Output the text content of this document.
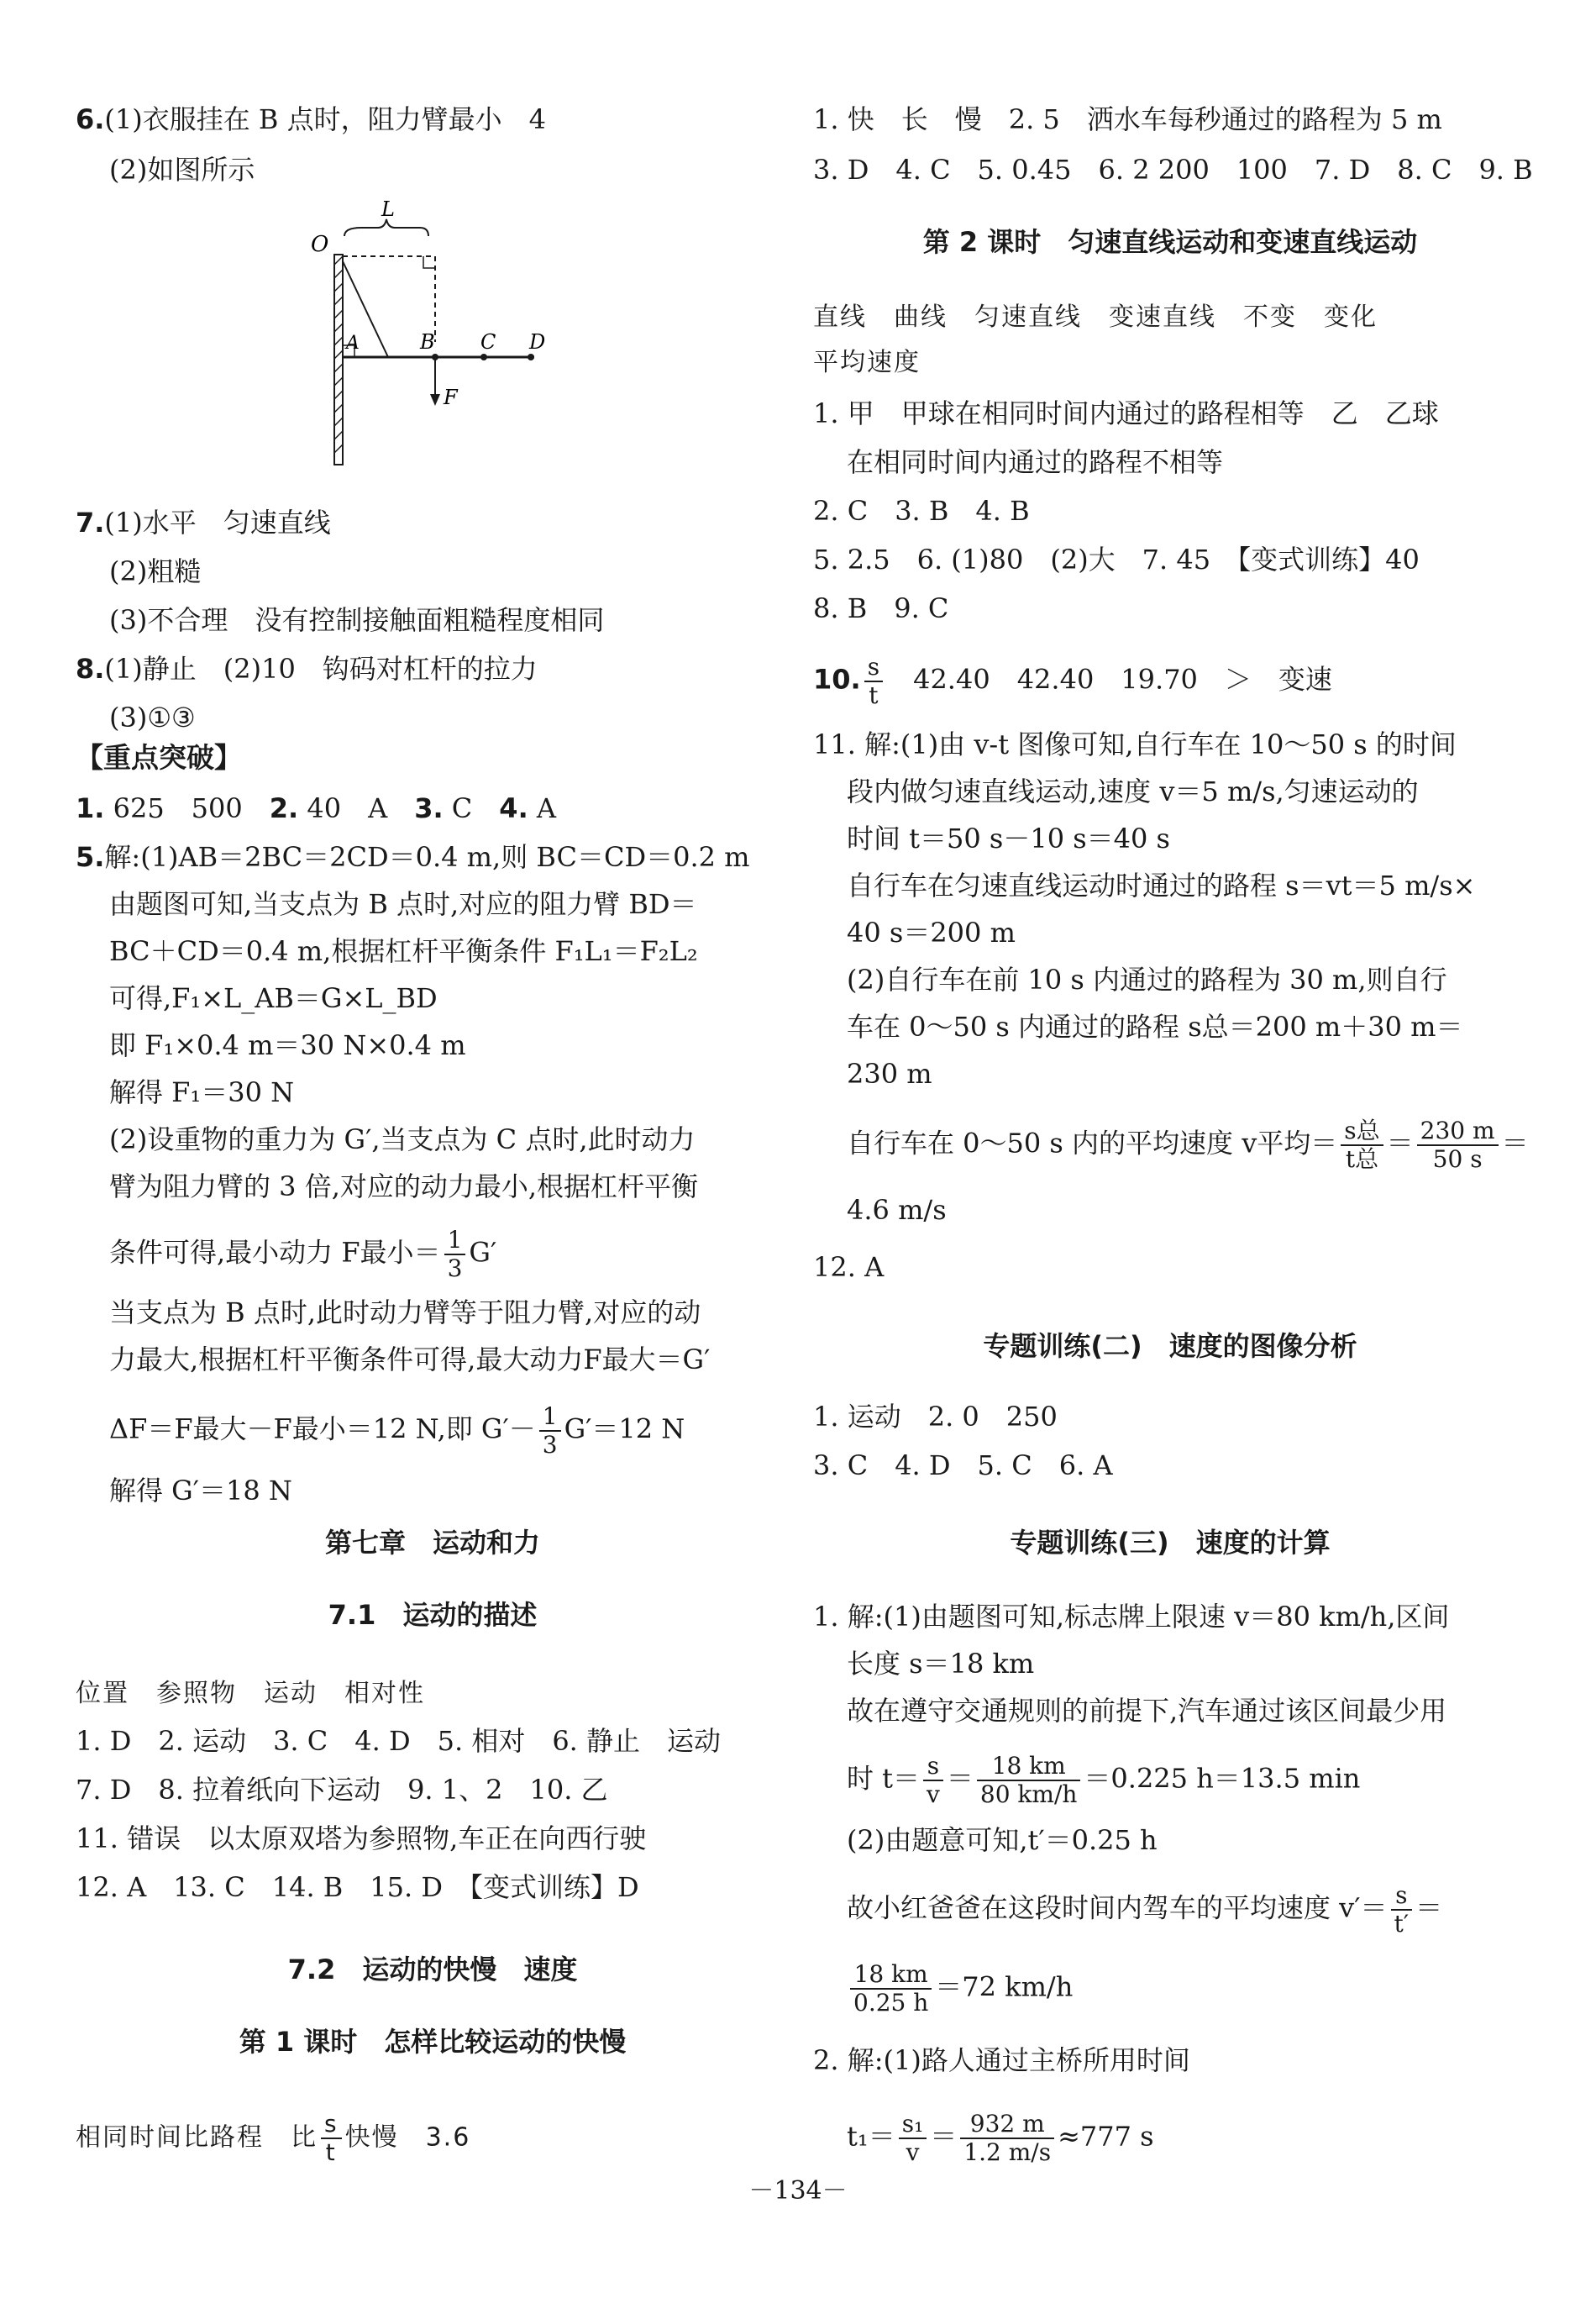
6.(1)衣服挂在 B 点时，阻力臂最小　4
(2)如图所示
7.(1)水平　匀速直线
(2)粗糙
(3)不合理　没有控制接触面粗糙程度相同
8.(1)静止　(2)10　钩码对杠杆的拉力
(3)①③
【重点突破】
1. 625　500　2. 40　A　3. C　4. A
5.解:(1)AB＝2BC＝2CD＝0.4 m,则 BC＝CD＝0.2 m
由题图可知,当支点为 B 点时,对应的阻力臂 BD＝
BC＋CD＝0.4 m,根据杠杆平衡条件 F₁L₁＝F₂L₂
可得,F₁×L_AB＝G×L_BD
即 F₁×0.4 m＝30 N×0.4 m
解得 F₁＝30 N
(2)设重物的重力为 G′,当支点为 C 点时,此时动力
臂为阻力臂的 3 倍,对应的动力最小,根据杠杆平衡
条件可得,最小动力 F最小＝ $\frac{1}{3} G'$
当支点为 B 点时,此时动力臂等于阻力臂,对应的动
力最大,根据杠杆平衡条件可得,最大动力F最大＝G′
ΔF＝F最大－F最小＝12 N,即 $G'- \frac{1}{3} G'=12$ N
解得 G′＝18 N
第七章　运动和力
7.1　运动的描述
位置　参照物　运动　相对性
1. D　2. 运动　3. C　4. D　5. 相对　6. 静止　运动
7. D　8. 拉着纸向下运动　9. 1、2　10. 乙
11. 错误　以太原双塔为参照物,车正在向西行驶
12. A　13. C　14. B　15. D　【变式训练】D
7.2　运动的快慢　速度
第 1 课时　怎样比较运动的快慢
相同时间比路程　比 $\frac{s}{t}$ 快慢　3.6
L
O
A	B C D
F
1. 快　长　慢　2. 5　洒水车每秒通过的路程为 5 m
3. D　4. C　5. 0.45　6. 2 200　100　7. D　8. C　9. B
第 2 课时　匀速直线运动和变速直线运动
直线　曲线　匀速直线　变速直线　不变　变化
平均速度
1. 甲　甲球在相同时间内通过的路程相等　乙　乙球
在相同时间内通过的路程不相等
2. C　3. B　4. B
5. 2.5　6. (1)80　(2)大　7. 45　【变式训练】40
8. B　9. C
10. $\frac{s}{t}$
　 42.40　42.40　19.70　＞　变速
11. 解:(1)由 v-t 图像可知,自行车在 10～50 s 的时间
段内做匀速直线运动,速度 v＝5 m/s,匀速运动的
时间 t＝50 s－10 s＝40 s
自行车在匀速直线运动时通过的路程 s＝vt＝5 m/s×
40 s＝200 m
(2)自行车在前 10 s 内通过的路程为 30 m,则自行
车在 0～50 s 内通过的路程 s总＝200 m＋30 m＝
230 m
自行车在 0～50 s 内的平均速度 v平均＝ $\frac{\text{s总}}{\text{t总}} = \frac{230 m}{50 s}$ ＝
4.6 m/s
12. A
专题训练(二)　速度的图像分析
1. 运动　2. 0　250
3. C　4. D　5. C　6. A
专题训练(三)　速度的计算
1. 解:(1)由题图可知,标志牌上限速 v＝80 km/h,区间
长度 s＝18 km
故在遵守交通规则的前提下,汽车通过该区间最少用
时 $t= \frac{s}{v} = \frac{18 km}{80 km/h} =0.225$ h＝13.5 min
(2)由题意可知,t′＝0.25 h
故小红爸爸在这段时间内驾车的平均速度 $v'= \frac{s}{t'}$ ＝
$\frac{18 km}{0.25 h} =72$ km/h
2. 解:(1)路人通过主桥所用时间
$t_1= \frac{\text{s₁}}{v} = \frac{932 m}{1.2 m/s} \approx 777$ s
－134－
